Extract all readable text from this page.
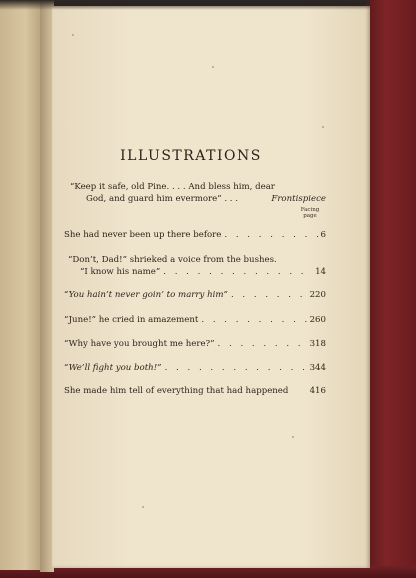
ILLUSTRATIONS
Facing
page
“Keep it safe, old Pine. . . . And bless him, dear
God, and guard him evermore” . . .	Frontispiece
She had never been up there before . . .	6
“Don’t, Dad!” shrieked a voice from the bushes.
“I know his name” . . .	14
“You hain’t never goin’ to marry him” . . .	220
“June!” he cried in amazement . . .	260
“Why have you brought me here?” . . .	318
“We’ll fight you both!” . . .	344
She made him tell of everything that had happened 416
